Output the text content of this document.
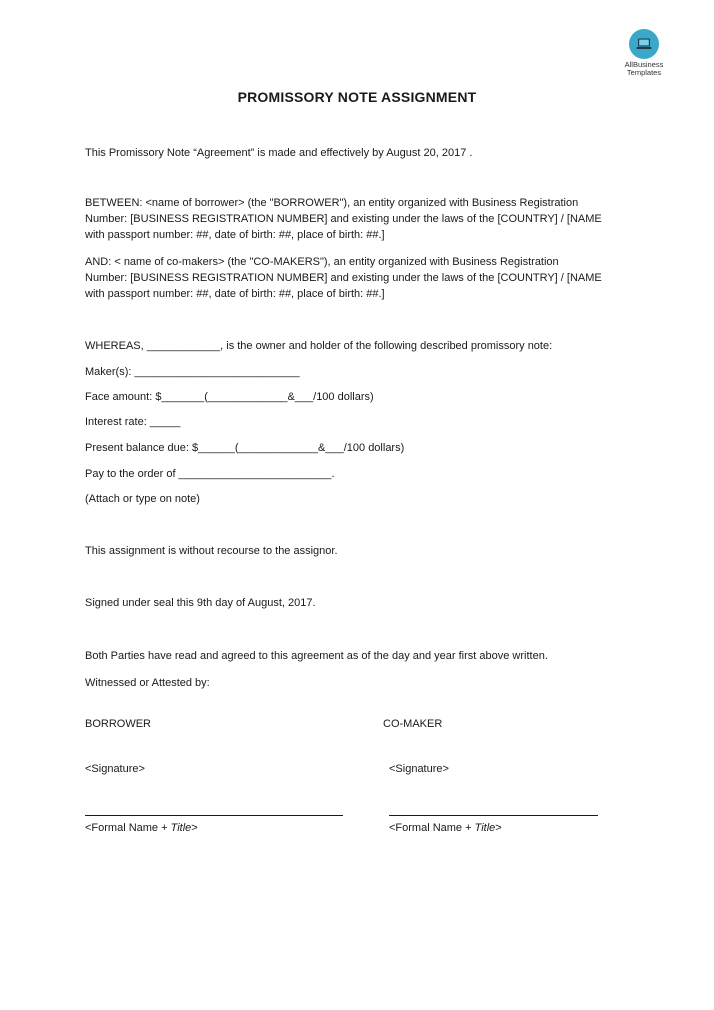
AllBusiness
Templates
PROMISSORY NOTE ASSIGNMENT
This Promissory Note “Agreement” is made and effectively by August 20, 2017 .
BETWEEN: <name of borrower> (the "BORROWER"), an entity organized with Business Registration
Number: [BUSINESS REGISTRATION NUMBER] and existing under the laws of the [COUNTRY] / [NAME
with passport number: ##, date of birth: ##, place of birth: ##.]
AND: < name of co-makers> (the "CO-MAKERS"), an entity organized with Business Registration
Number: [BUSINESS REGISTRATION NUMBER] and existing under the laws of the [COUNTRY] / [NAME
with passport number: ##, date of birth: ##, place of birth: ##.]
WHEREAS, ____________, is the owner and holder of the following described promissory note:
Maker(s): ___________________________
Face amount: $_______(_____________&___/100 dollars)
Interest rate: _____
Present balance due: $______(_____________&___/100 dollars)
Pay to the order of _________________________.
(Attach or type on note)
This assignment is without recourse to the assignor.
Signed under seal this 9th day of August, 2017.
Both Parties have read and agreed to this agreement as of the day and year first above written.
Witnessed or Attested by:
BORROWER	CO-MAKER
<Signature>	<Signature>
<Formal Name + Title>	<Formal Name + Title>
